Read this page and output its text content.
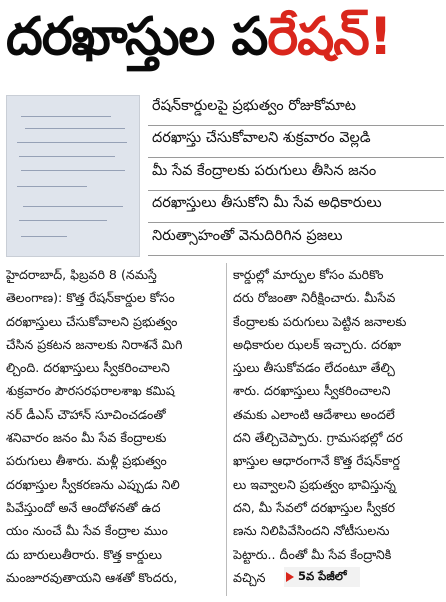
దరఖాస్తుల పరేషన్!
రేషన్‌కార్డులపై ప్రభుత్వం రోజుకోమాట
దరఖాస్తు చేసుకోవాలని శుక్రవారం వెల్లడి
మీ సేవ కేంద్రాలకు పరుగులు తీసిన జనం
దరఖాస్తులు తీసుకోని మీ సేవ అధికారులు
నిరుత్సాహంతో వెనుదిరిగిన ప్రజలు
హైదరాబాద్, ఫిబ్రవరి 8 (నమస్తే
తెలంగాణ): కొత్త రేషన్‌కార్డుల కోసం
దరఖాస్తులు చేసుకోవాలని ప్రభుత్వం
చేసిన ప్రకటన జనాలకు నిరాశనే మిగి
ల్చింది. దరఖాస్తులు స్వీకరించాలని
శుక్రవారం పౌరసరఫరాలశాఖ కమిష
నర్ డీఎస్ చౌహాన్ సూచించడంతో
శనివారం జనం మీ సేవ కేంద్రాలకు
పరుగులు తీశారు. మళ్లీ ప్రభుత్వం
దరఖాస్తుల స్వీకరణను ఎప్పుడు నిలి
పివేస్తుందో అనే ఆందోళనతో ఉద
యం నుంచే మీ సేవ కేంద్రాల ముం
దు బారులుతీరారు. కొత్త కార్డులు
మంజూరవుతాయని ఆశతో కొందరు,
కార్డుల్లో మార్పుల కోసం మరికొం
దరు రోజంతా నిరీక్షించారు. మీసేవ
కేంద్రాలకు పరుగులు పెట్టిన జనాలకు
అధికారుల ఝలక్ ఇచ్చారు. దరఖా
స్తులు తీసుకోవడం లేదంటూ తేల్చి
శారు. దరఖాస్తులు స్వీకరించాలని
తమకు ఎలాంటి ఆదేశాలు అందలే
దని తేల్చిచెప్పారు. గ్రామసభల్లో దర
ఖాస్తుల ఆధారంగానే కొత్త రేషన్‌కార్డ
లు ఇవ్వాలని ప్రభుత్వం భావిస్తున్న
దని, మీ సేవలో దరఖాస్తుల స్వీకర
ణను నిలిపివేసిందని నోటీసులను
పెట్టారు.. దీంతో మీ సేవ కేంద్రానికి
వచ్చిన	5వ పేజీలో
